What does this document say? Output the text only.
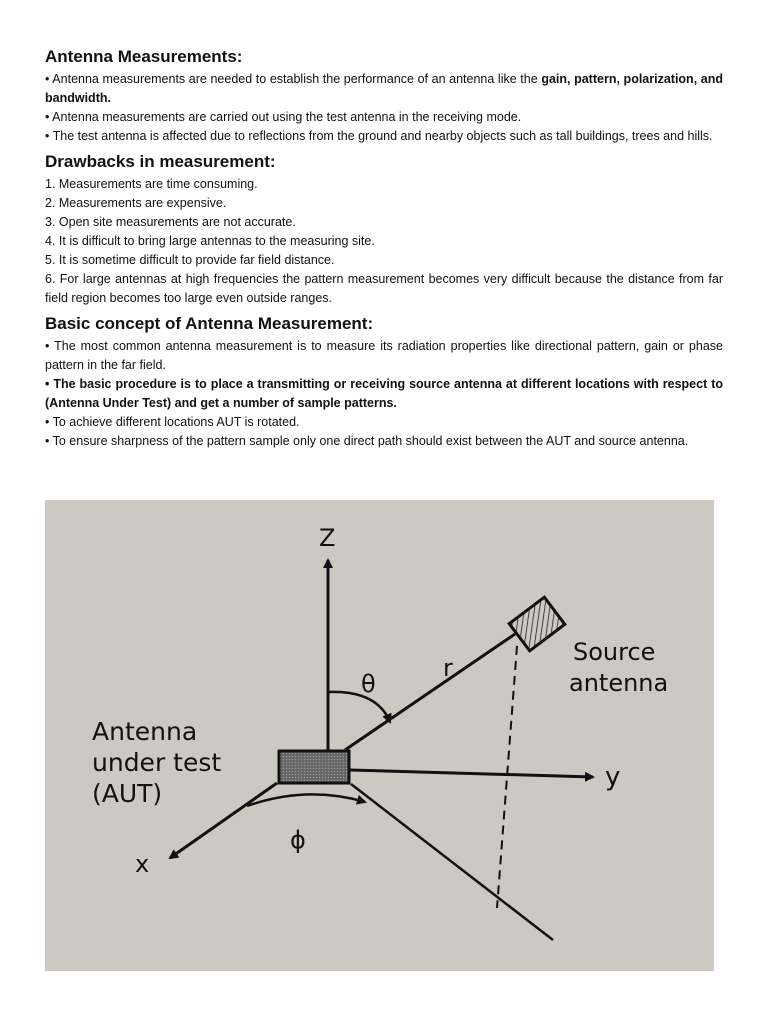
Antenna Measurements:

• Antenna measurements are needed to establish the performance of an antenna like the gain, pattern, polarization, and bandwidth.

• Antenna measurements are carried out using the test antenna in the receiving mode.

• The test antenna is affected due to reflections from the ground and nearby objects such as tall buildings, trees and hills.

Drawbacks in measurement:

1. Measurements are time consuming.

2. Measurements are expensive.

3. Open site measurements are not accurate.

4. It is difficult to bring large antennas to the measuring site.

5. It is sometime difficult to provide far field distance.

6. For large antennas at high frequencies the pattern measurement becomes very difficult because the distance from far field region becomes too large even outside ranges.

Basic concept of Antenna Measurement:

• The most common antenna measurement is to measure its radiation properties like directional pattern, gain or phase pattern in the far field.

• The basic procedure is to place a transmitting or receiving source antenna at different locations with respect to (Antenna Under Test) and get a number of sample patterns.

• To achieve different locations AUT is rotated.

• To ensure sharpness of the pattern sample only one direct path should exist between the AUT and source antenna.

Z
y
x
r
θ
ϕ
Source
antenna
Antenna
under test
(AUT)
